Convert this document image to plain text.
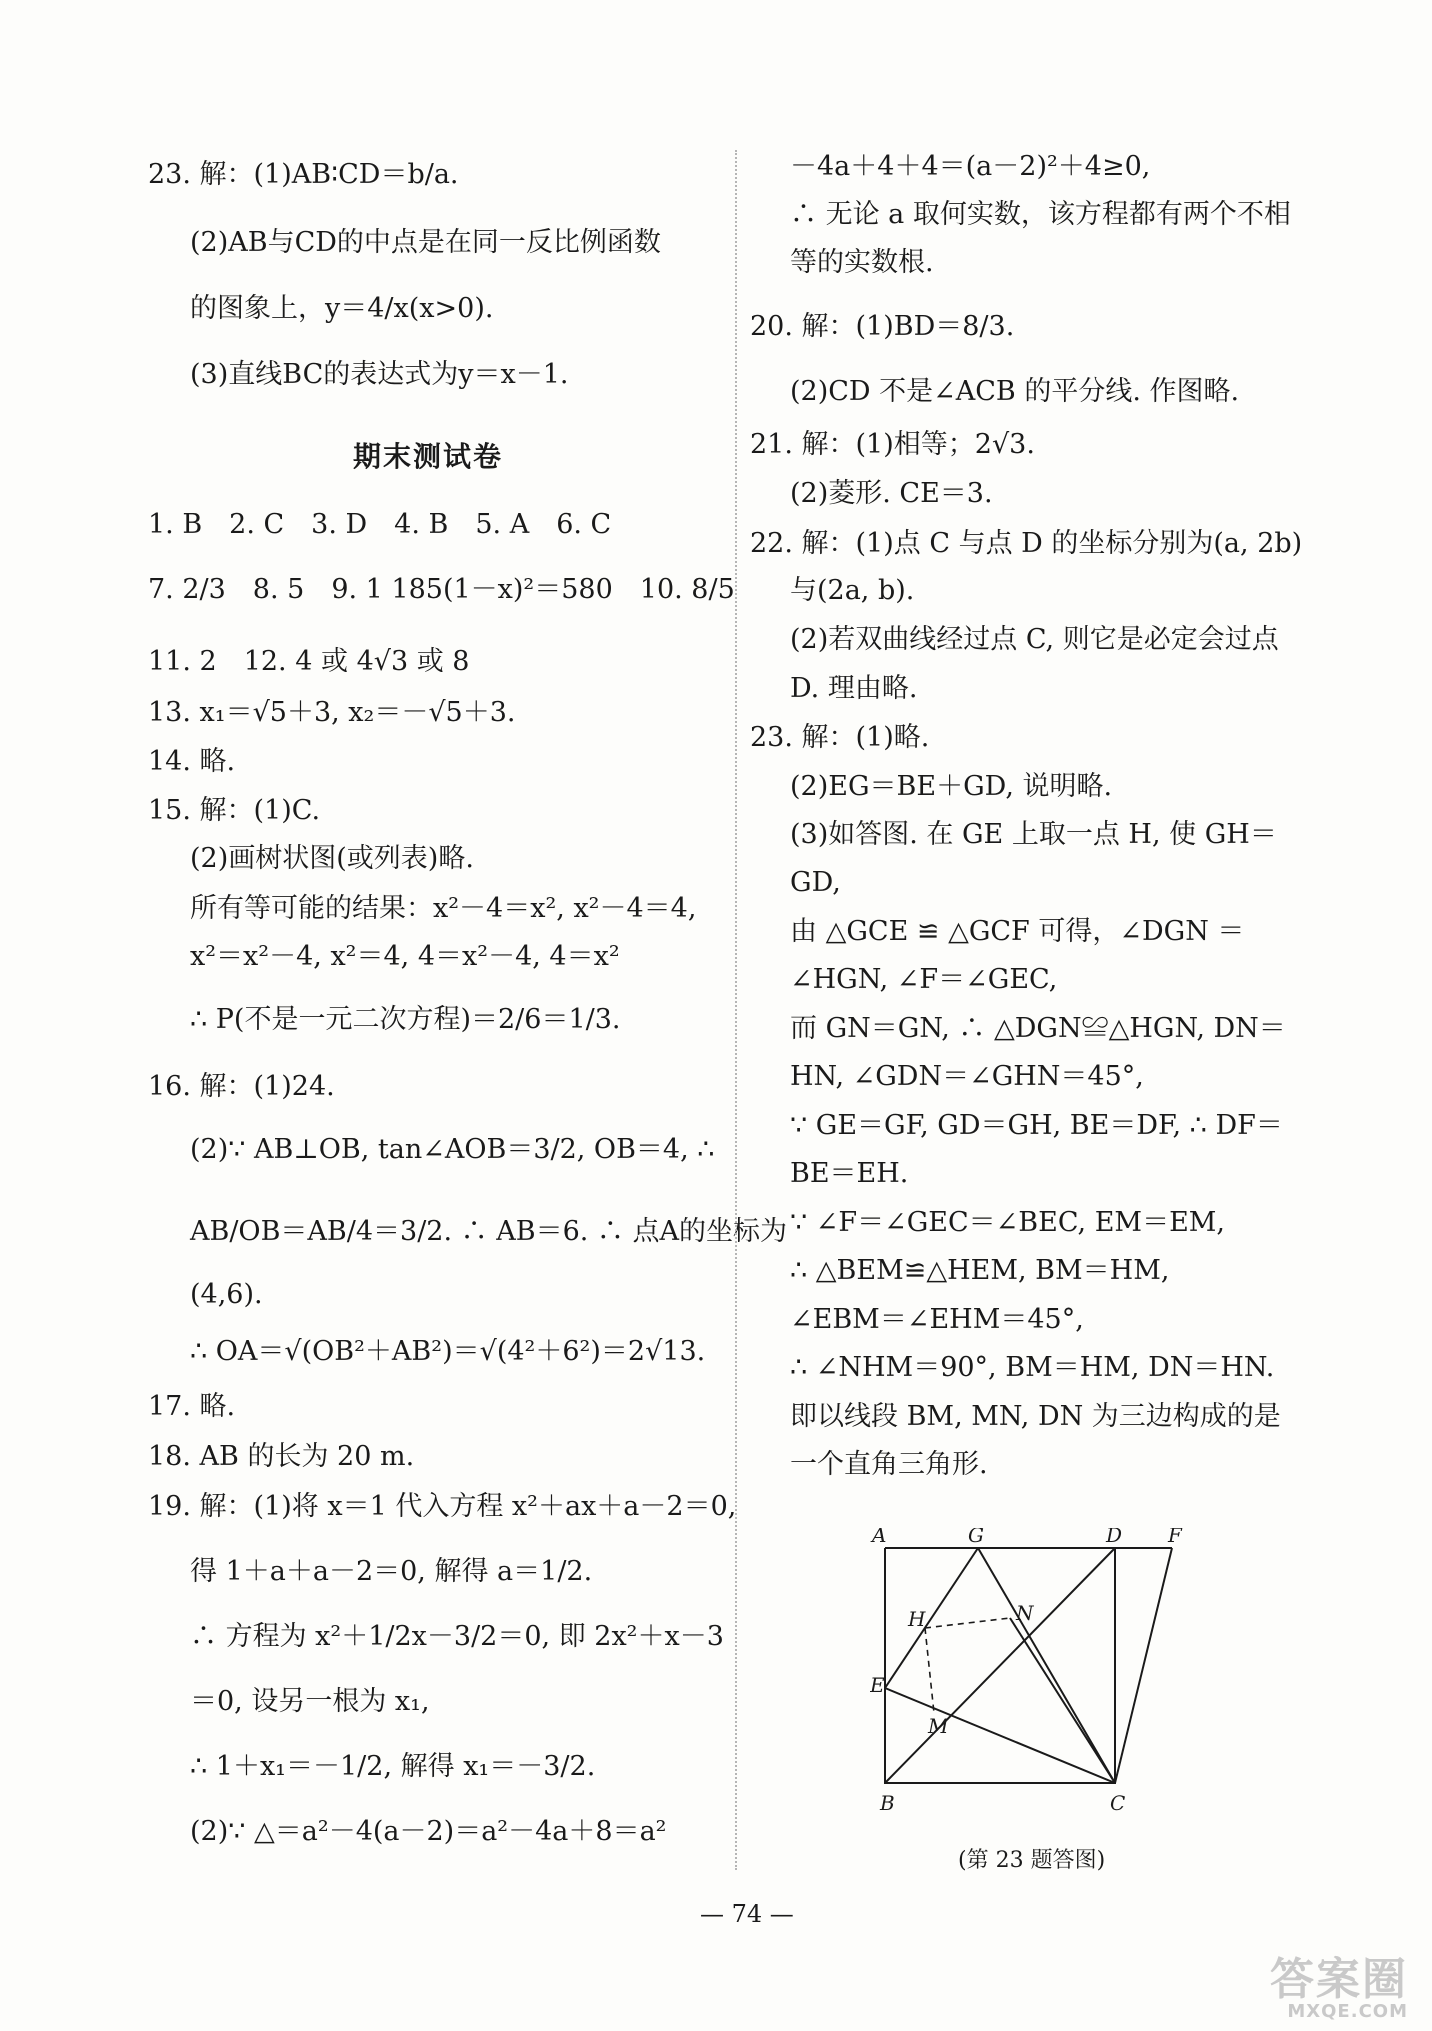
23. 解：(1)AB∶CD＝b/a.
(2)AB与CD的中点是在同一反比例函数
的图象上，y＝4/x(x>0).
(3)直线BC的表达式为y＝x－1.
期末测试卷
1. B　2. C　3. D　4. B　5. A　6. C
7. 2/3　8. 5　9. 1 185(1－x)²＝580　10. 8/5
11. 2　12. 4 或 4√3 或 8
13. x₁＝√5＋3, x₂＝－√5＋3.
14. 略.
15. 解：(1)C.
(2)画树状图(或列表)略.
所有等可能的结果：x²－4＝x², x²－4＝4,
x²＝x²－4, x²＝4, 4＝x²－4, 4＝x²
∴ P(不是一元二次方程)＝2/6＝1/3.
16. 解：(1)24.
(2)∵ AB⊥OB, tan∠AOB＝3/2, OB＝4, ∴
AB/OB＝AB/4＝3/2. ∴ AB＝6. ∴ 点A的坐标为
(4,6).
∴ OA＝√(OB²＋AB²)＝√(4²＋6²)＝2√13.
17. 略.
18. AB 的长为 20 m.
19. 解：(1)将 x＝1 代入方程 x²＋ax＋a－2＝0,
得 1＋a＋a－2＝0, 解得 a＝1/2.
∴ 方程为 x²＋1/2x－3/2＝0, 即 2x²＋x－3
＝0, 设另一根为 x₁,
∴ 1＋x₁＝－1/2, 解得 x₁＝－3/2.
(2)∵ △＝a²－4(a－2)＝a²－4a＋8＝a²
－4a＋4＋4＝(a－2)²＋4≥0,
∴ 无论 a 取何实数，该方程都有两个不相
等的实数根.
20. 解：(1)BD＝8/3.
(2)CD 不是∠ACB 的平分线. 作图略.
21. 解：(1)相等；2√3.
(2)菱形. CE＝3.
22. 解：(1)点 C 与点 D 的坐标分别为(a, 2b)
与(2a, b).
(2)若双曲线经过点 C, 则它是必定会过点
D. 理由略.
23. 解：(1)略.
(2)EG＝BE＋GD, 说明略.
(3)如答图. 在 GE 上取一点 H, 使 GH＝
GD,
由 △GCE ≌ △GCF 可得，∠DGN ＝
∠HGN, ∠F＝∠GEC,
而 GN＝GN, ∴ △DGN≌△HGN, DN＝
HN, ∠GDN＝∠GHN＝45°,
∵ GE＝GF, GD＝GH, BE＝DF, ∴ DF＝
BE＝EH.
∵ ∠F＝∠GEC＝∠BEC, EM＝EM,
∴ △BEM≌△HEM, BM＝HM,
∠EBM＝∠EHM＝45°,
∴ ∠NHM＝90°, BM＝HM, DN＝HN.
即以线段 BM, MN, DN 为三边构成的是
一个直角三角形.
A	G	D F
H	N
E
M
B	C
(第 23 题答图)
— 74 —
答案圈
MXQE.COM
